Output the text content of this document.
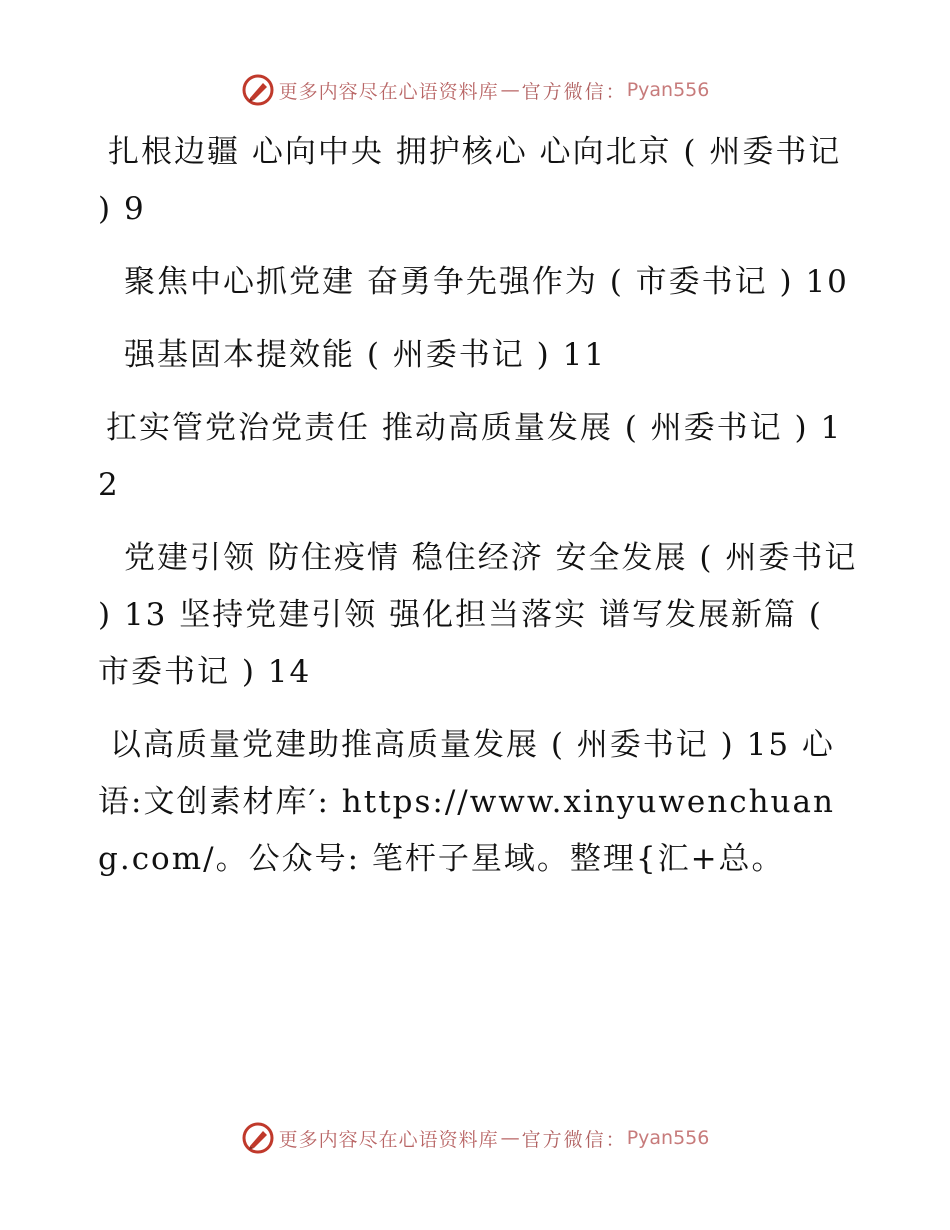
更多内容尽在心语资料库 — 官方微信： Pyan556

扎根边疆 心向中央 拥护核心 心向北京 ( 州委书记 ) 9

聚焦中心抓党建 奋勇争先强作为 ( 市委书记 ) 10

强基固本提效能 ( 州委书记 ) 11

扛实管党治党责任 推动高质量发展 ( 州委书记 ) 12

党建引领 防住疫情 稳住经济 安全发展 ( 州委书记 ) 13 坚持党建引领 强化担当落实 谱写发展新篇 ( 市委书记 ) 14

以高质量党建助推高质量发展 ( 州委书记 ) 15 心语:文创素材库′: https://www.xinyuwenchuang.com/。公众号: 笔杆子星域。整理{汇+总。

更多内容尽在心语资料库 — 官方微信： Pyan556
